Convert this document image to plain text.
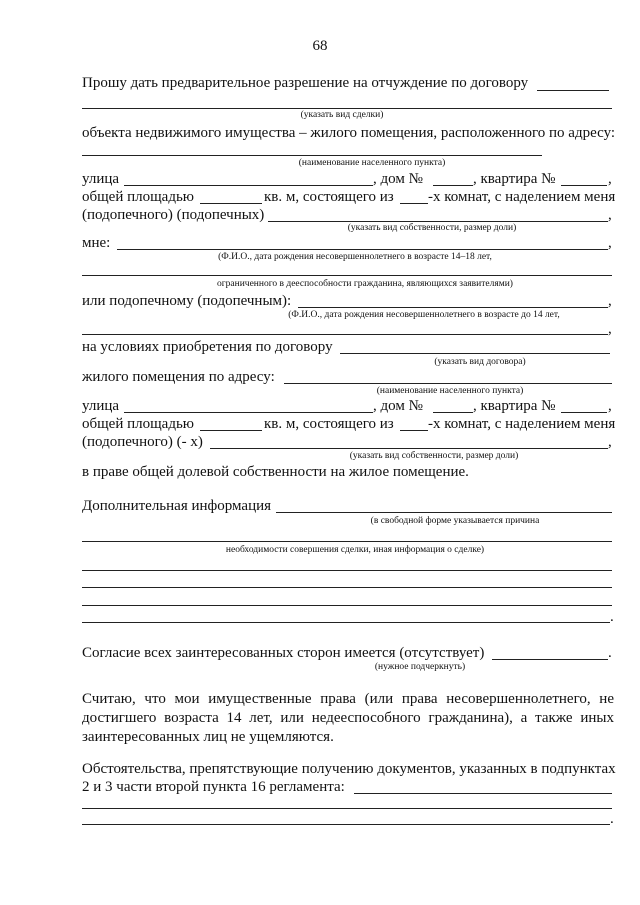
68
Прошу дать предварительное разрешение на отчуждение по договору
(указать вид сделки)
объекта недвижимого имущества – жилого помещения, расположенного по адресу:
(наименование населенного пункта)
улица	, дом №	, квартира №	,
общей площадью	кв. м, состоящего из -х комнат, с наделением меня
(подопечного) (подопечных)	,
(указать вид собственности, размер доли)
мне:	,
(Ф.И.О., дата рождения несовершеннолетнего в возрасте 14–18 лет,
ограниченного в дееспособности гражданина, являющихся заявителями)
или подопечному (подопечным):	,
(Ф.И.О., дата рождения несовершеннолетнего в возрасте до 14 лет,
,
на условиях приобретения по договору
(указать вид договора)
жилого помещения по адресу:
(наименование населенного пункта)
улица	, дом №	, квартира №	,
общей площадью	кв. м, состоящего из -х комнат, с наделением меня
(подопечного) (- х)	,
(указать вид собственности, размер доли)
в праве общей долевой собственности на жилое помещение.
Дополнительная информация
(в свободной форме указывается причина
необходимости совершения сделки, иная информация о сделке)
.
Согласие всех заинтересованных сторон имеется (отсутствует)	.
(нужное подчеркнуть)
Считаю, что мои имущественные права (или права несовершеннолетнего, не достигшего возраста 14 лет, или недееспособного гражданина), а также иных заинтересованных лиц не ущемляются.
Обстоятельства, препятствующие получению документов, указанных в подпунктах
2 и 3 части второй пункта 16 регламента:
.
